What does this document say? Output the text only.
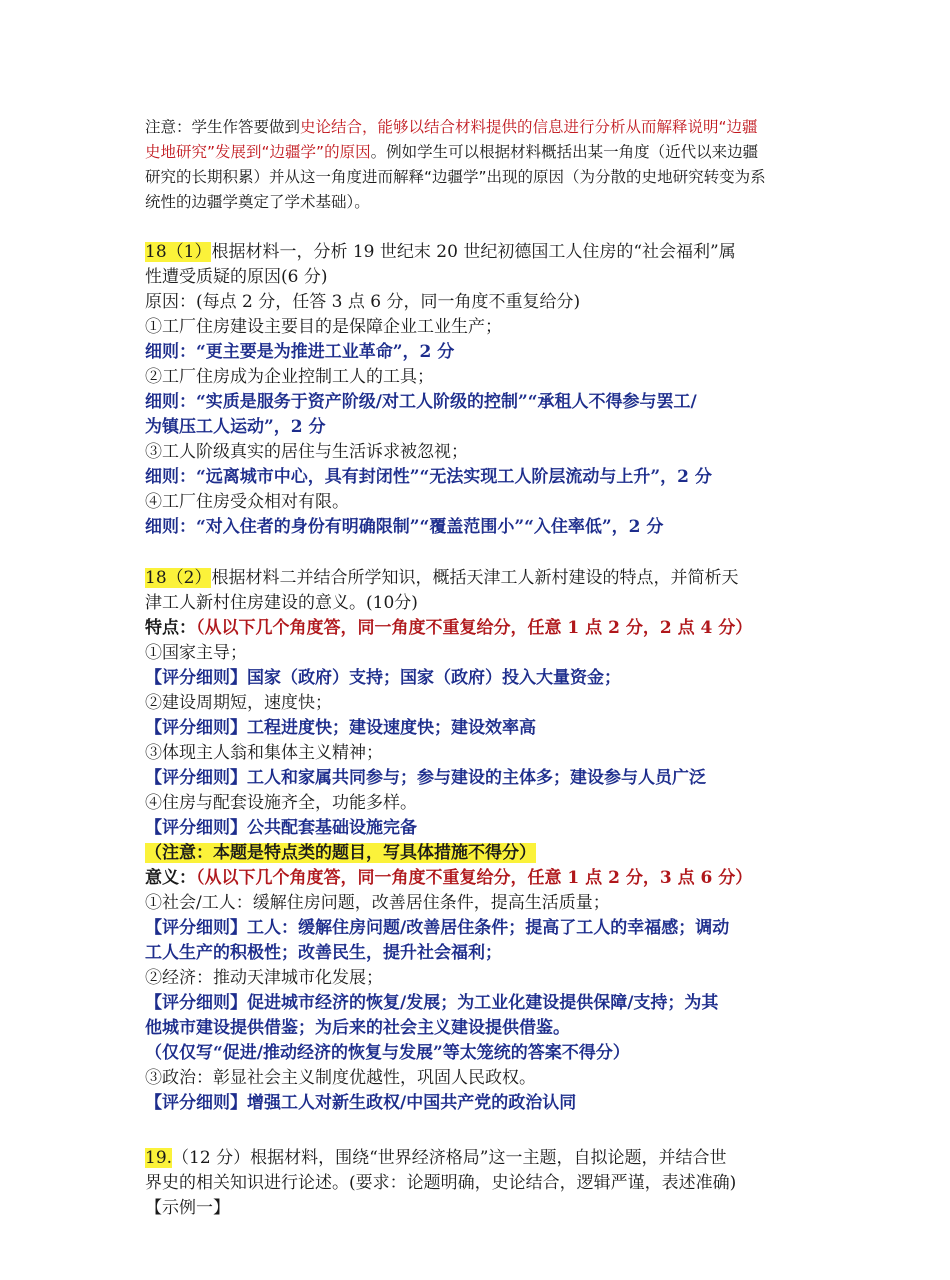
注意：学生作答要做到史论结合，能够以结合材料提供的信息进行分析从而解释说明“边疆
史地研究”发展到“边疆学”的原因。例如学生可以根据材料概括出某一角度（近代以来边疆
研究的长期积累）并从这一角度进而解释“边疆学”出现的原因（为分散的史地研究转变为系
统性的边疆学奠定了学术基础）。
18（1）根据材料一，分析 19 世纪末 20 世纪初德国工人住房的“社会福利”属
性遭受质疑的原因(6 分)
原因：(每点 2 分，任答 3 点 6 分，同一角度不重复给分)
①工厂住房建设主要目的是保障企业工业生产；
细则：“更主要是为推进工业革命”，2 分
②工厂住房成为企业控制工人的工具；
细则：“实质是服务于资产阶级/对工人阶级的控制”“承租人不得参与罢工/
为镇压工人运动”，2 分
③工人阶级真实的居住与生活诉求被忽视；
细则：“远离城市中心，具有封闭性”“无法实现工人阶层流动与上升”，2 分
④工厂住房受众相对有限。
细则：“对入住者的身份有明确限制”“覆盖范围小”“入住率低”，2 分
18（2）根据材料二并结合所学知识，概括天津工人新村建设的特点，并简析天
津工人新村住房建设的意义。(10分)
特点：（从以下几个角度答，同一角度不重复给分，任意 1 点 2 分，2 点 4 分）
①国家主导；
【评分细则】国家（政府）支持；国家（政府）投入大量资金；
②建设周期短，速度快；
【评分细则】工程进度快；建设速度快；建设效率高
③体现主人翁和集体主义精神；
【评分细则】工人和家属共同参与；参与建设的主体多；建设参与人员广泛
④住房与配套设施齐全，功能多样。
【评分细则】公共配套基础设施完备
（注意：本题是特点类的题目，写具体措施不得分）
意义：（从以下几个角度答，同一角度不重复给分，任意 1 点 2 分，3 点 6 分）
①社会/工人：缓解住房问题，改善居住条件，提高生活质量；
【评分细则】工人：缓解住房问题/改善居住条件；提高了工人的幸福感；调动
工人生产的积极性；改善民生，提升社会福利；
②经济：推动天津城市化发展；
【评分细则】促进城市经济的恢复/发展；为工业化建设提供保障/支持；为其
他城市建设提供借鉴；为后来的社会主义建设提供借鉴。
（仅仅写“促进/推动经济的恢复与发展”等太笼统的答案不得分）
③政治：彰显社会主义制度优越性，巩固人民政权。
【评分细则】增强工人对新生政权/中国共产党的政治认同
19.（12 分）根据材料，围绕“世界经济格局”这一主题，自拟论题，并结合世
界史的相关知识进行论述。(要求：论题明确，史论结合，逻辑严谨，表述准确)
【示例一】
